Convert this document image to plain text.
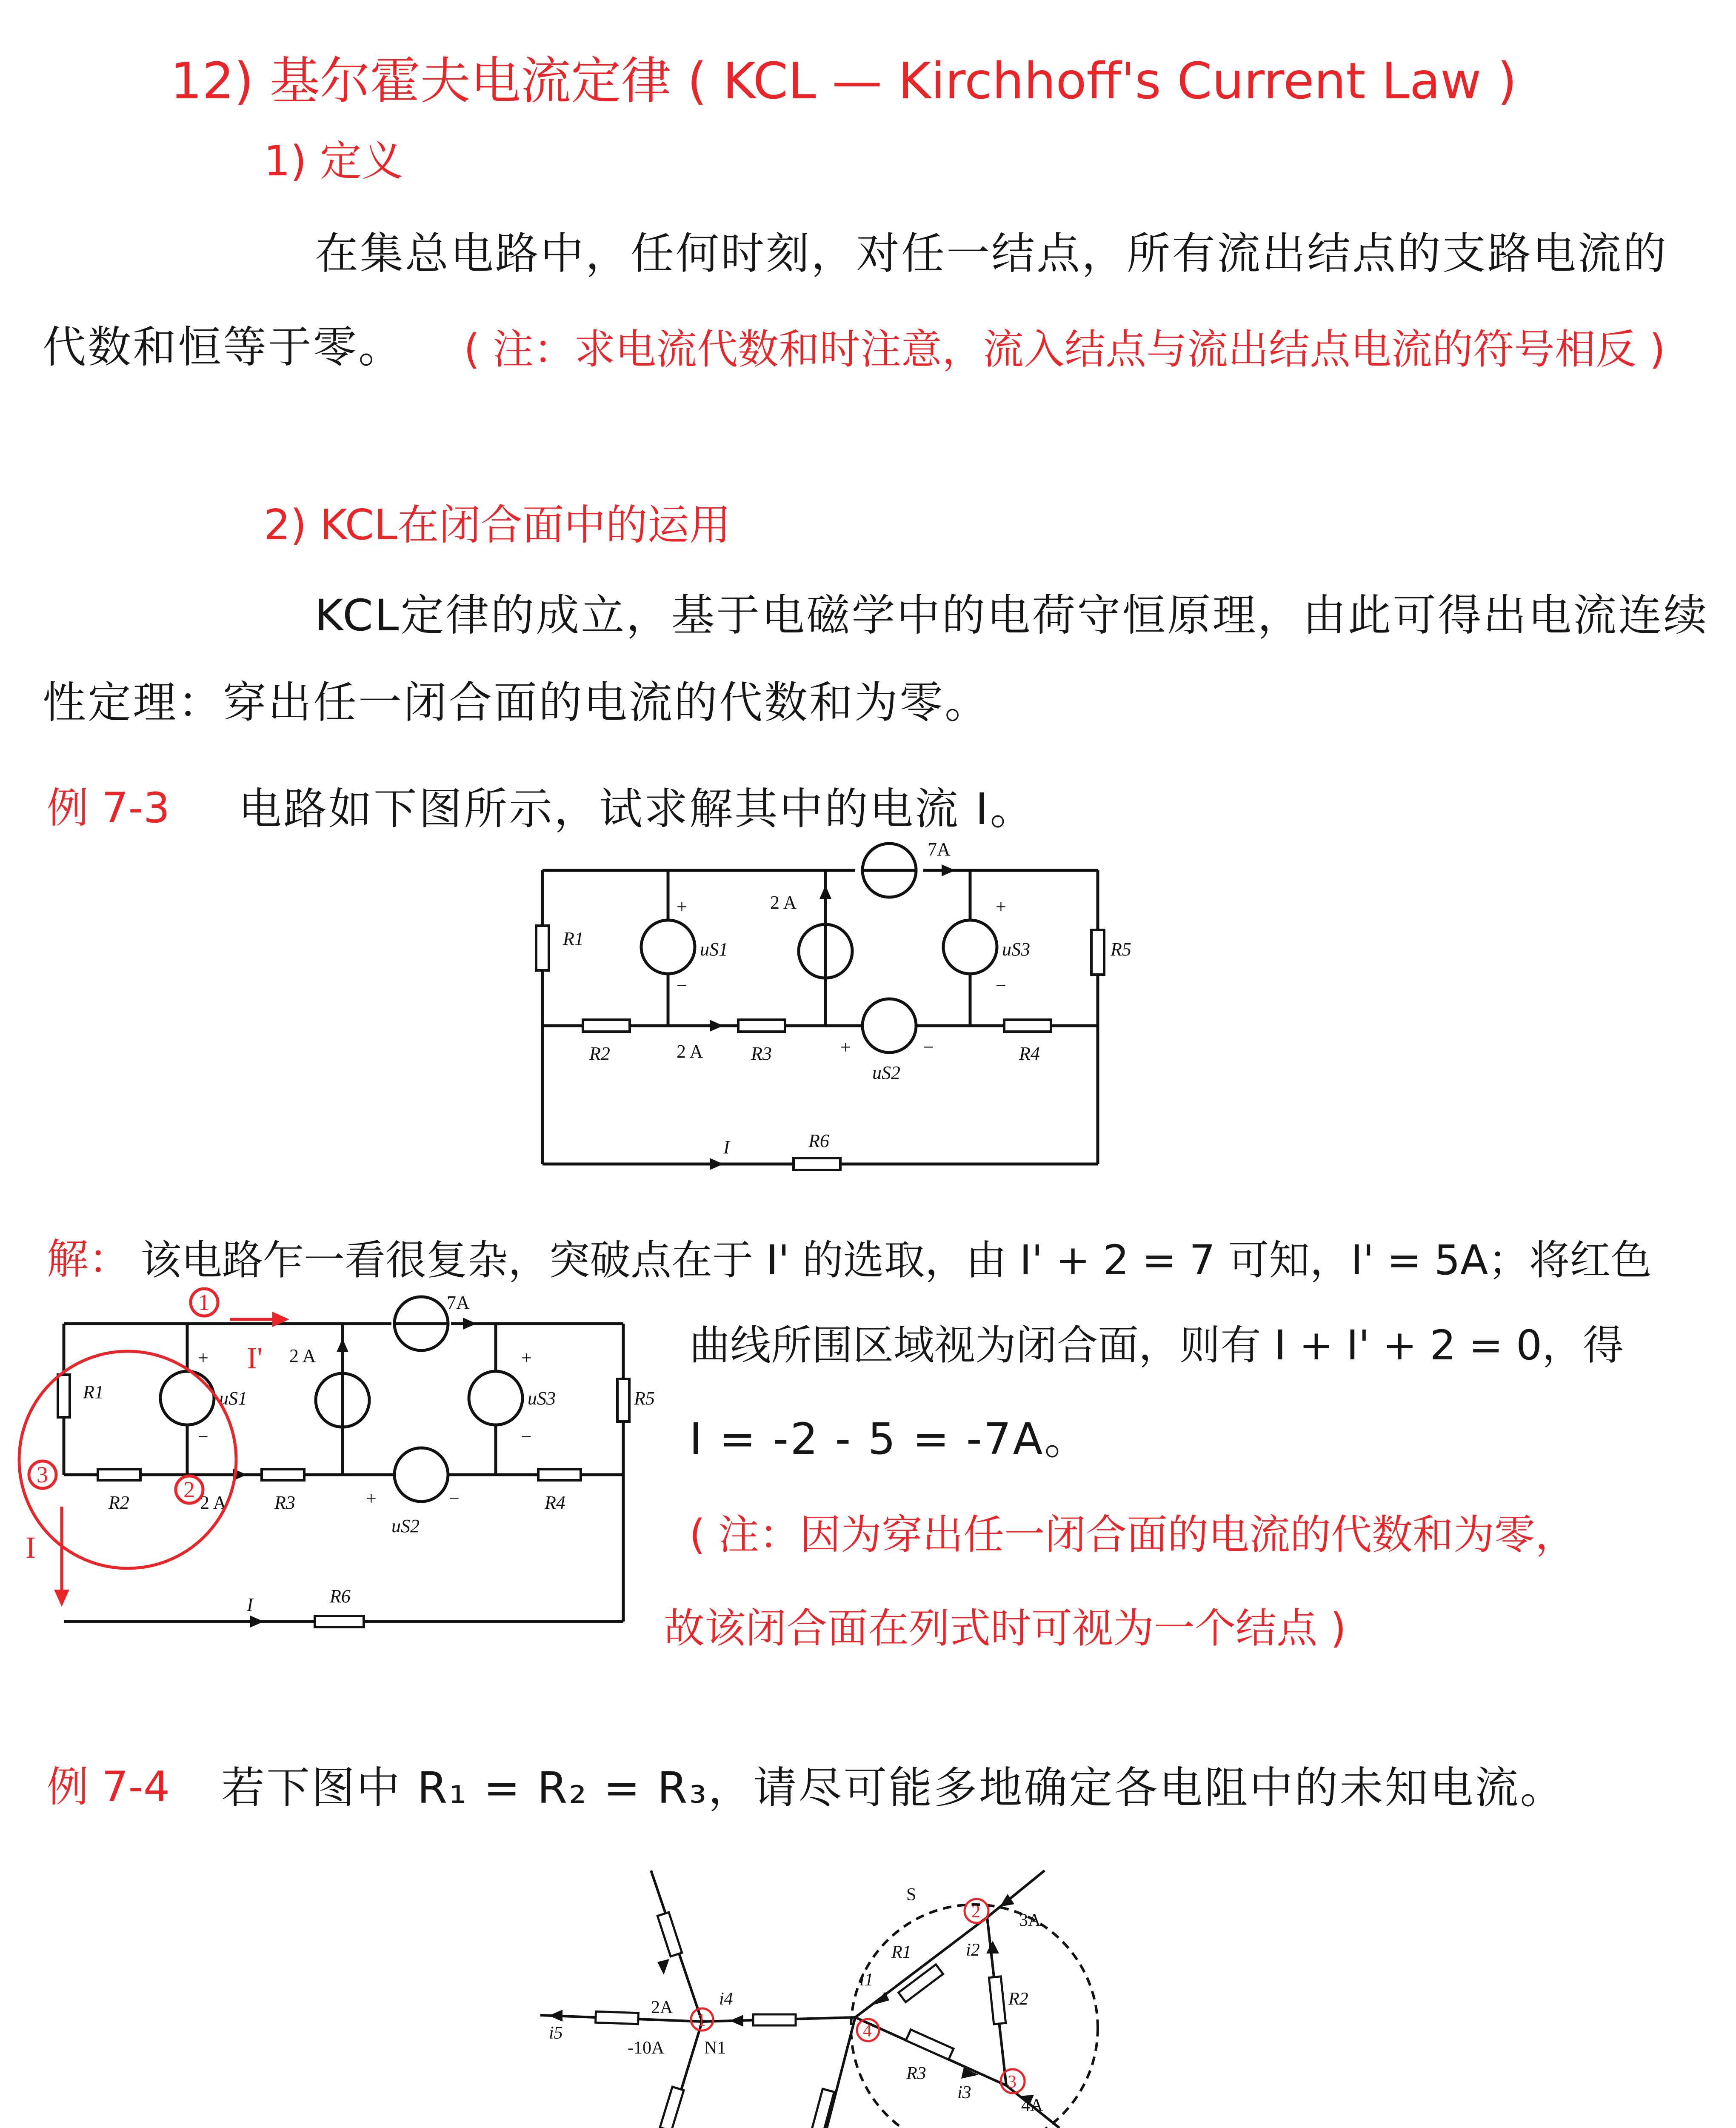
12) 基尔霍夫电流定律 ( KCL — Kirchhoff's Current Law )
1) 定义
在集总电路中，任何时刻，对任一结点，所有流出结点的支路电流的
代数和恒等于零。 ( 注：求电流代数和时注意，流入结点与流出结点电流的符号相反 )
2) KCL在闭合面中的运用
KCL定律的成立，基于电磁学中的电荷守恒原理，由此可得出电流连续
性定理：穿出任一闭合面的电流的代数和为零。
例 7-3 电路如下图所示，试求解其中的电流 I。
R1
R5
R2	R3	R4
R6
uS1	uS3
uS2
7A
2 A
2 A
I
+
−
+
−
+	−
解： 该电路乍一看很复杂，突破点在于 I' 的选取，由 I' + 2 = 7 可知，I' = 5A；将红色
曲线所围区域视为闭合面，则有 I + I' + 2 = 0，得
I = -2 - 5 = -7A。
( 注：因为穿出任一闭合面的电流的代数和为零，
故该闭合面在列式时可视为一个结点 )
R1	R5
R2	R3	R4
R6
uS1	uS3
uS2
7A
2 A
2 A
I
+
−
+
−
+	−
1
2
3
I'
I
例 7-4 若下图中 R₁ = R₂ = R₃，请尽可能多地确定各电阻中的未知电流。
S
3A
4A
2A
-10A N1
i1
i2
i3
i4
i5
R1
R2
R3
1
2
3
4
